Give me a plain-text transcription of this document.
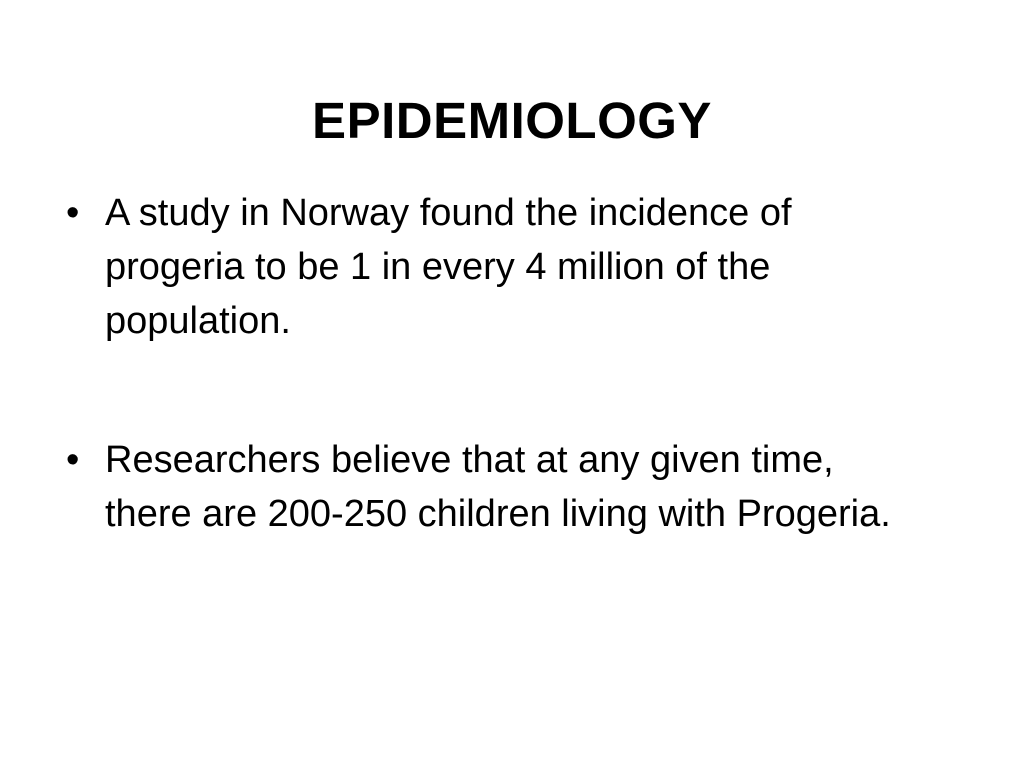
EPIDEMIOLOGY
• A study in Norway found the incidence of progeria to be 1 in every 4 million of the population.
• Researchers believe that at any given time, there are 200-250 children living with Progeria.
